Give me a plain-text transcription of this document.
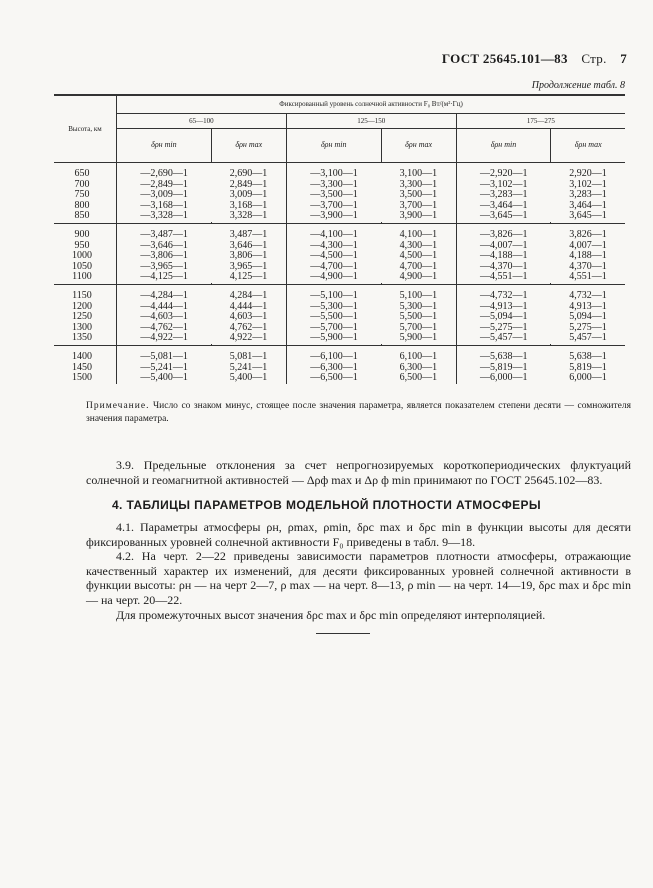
ГОСТ 25645.101—83 Стр. 7
Продолжение табл. 8
Высота, км	Фиксированный уровень солнечной активности F₀ Вт/(м²·Гц)					
	65—100		125—150		175—275	
	δρн min	δρн max	δρн min	δρн max	δρн min	δρн max
650	—2,690—1	2,690—1	—3,100—1	3,100—1	—2,920—1	2,920—1
700	—2,849—1	2,849—1	—3,300—1	3,300—1	—3,102—1	3,102—1
750	—3,009—1	3,009—1	—3,500—1	3,500—1	—3,283—1	3,283—1
800	—3,168—1	3,168—1	—3,700—1	3,700—1	—3,464—1	3,464—1
850	—3,328—1	3,328—1	—3,900—1	3,900—1	—3,645—1	3,645—1

900	—3,487—1	3,487—1	—4,100—1	4,100—1	—3,826—1	3,826—1
950	—3,646—1	3,646—1	—4,300—1	4,300—1	—4,007—1	4,007—1
1000	—3,806—1	3,806—1	—4,500—1	4,500—1	—4,188—1	4,188—1
1050	—3,965—1	3,965—1	—4,700—1	4,700—1	—4,370—1	4,370—1
1100	—4,125—1	4,125—1	—4,900—1	4,900—1	—4,551—1	4,551—1

1150	—4,284—1	4,284—1	—5,100—1	5,100—1	—4,732—1	4,732—1
1200	—4,444—1	4,444—1	—5,300—1	5,300—1	—4,913—1	4,913—1
1250	—4,603—1	4,603—1	—5,500—1	5,500—1	—5,094—1	5,094—1
1300	—4,762—1	4,762—1	—5,700—1	5,700—1	—5,275—1	5,275—1
1350	—4,922—1	4,922—1	—5,900—1	5,900—1	—5,457—1	5,457—1

1400	—5,081—1	5,081—1	—6,100—1	6,100—1	—5,638—1	5,638—1
1450	—5,241—1	5,241—1	—6,300—1	6,300—1	—5,819—1	5,819—1
1500	—5,400—1	5,400—1	—6,500—1	6,500—1	—6,000—1	6,000—1
Примечание. Число со знаком минус, стоящее после значения параметра, является показателем степени десяти — сомножителя значения параметра.
3.9. Предельные отклонения за счет непрогнозируемых короткопериодических флуктуаций солнечной и геомагнитной активностей — Δρф max и Δρ ф min принимают по ГОСТ 25645.102—83.
4. ТАБЛИЦЫ ПАРАМЕТРОВ МОДЕЛЬНОЙ ПЛОТНОСТИ АТМОСФЕРЫ

4.1. Параметры атмосферы ρн, ρmax, ρmin, δρc max и δρc min в функции высоты для десяти фиксированных уровней солнечной активности F₀ приведены в табл. 9—18.

4.2. На черт. 2—22 приведены зависимости параметров плотности атмосферы, отражающие качественный характер их изменений, для десяти фиксированных уровней солнечной активности в функции высоты: ρн — на черт 2—7, ρ max — на черт. 8—13, ρ min — на черт. 14—19, δρc max и δρc min — на черт. 20—22.

Для промежуточных высот значения δρc max и δρc min определяют интерполяцией.
